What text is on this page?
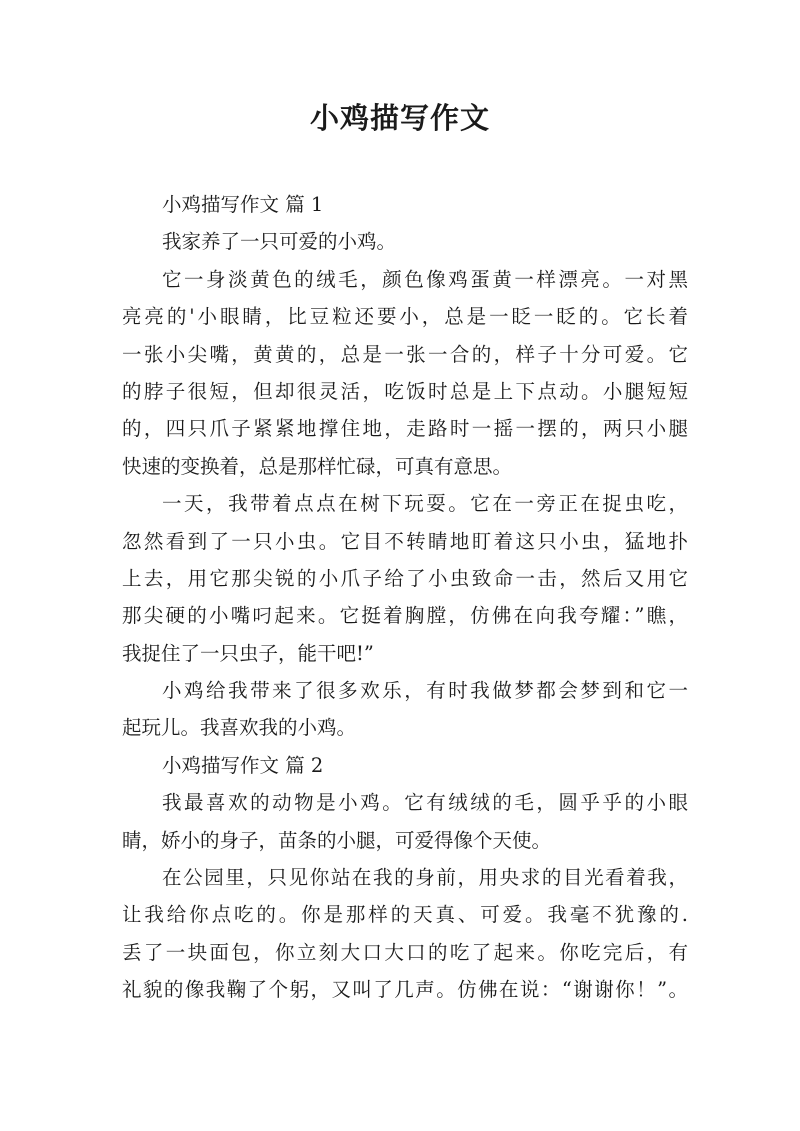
小鸡描写作文
小鸡描写作文 篇 1
我家养了一只可爱的小鸡。
它一身淡黄色的绒毛，颜色像鸡蛋黄一样漂亮。一对黑
亮亮的'小眼睛，比豆粒还要小，总是一眨一眨的。它长着
一张小尖嘴，黄黄的，总是一张一合的，样子十分可爱。它
的脖子很短，但却很灵活，吃饭时总是上下点动。小腿短短
的，四只爪子紧紧地撑住地，走路时一摇一摆的，两只小腿
快速的变换着，总是那样忙碌，可真有意思。
一天，我带着点点在树下玩耍。它在一旁正在捉虫吃，
忽然看到了一只小虫。它目不转睛地盯着这只小虫，猛地扑
上去，用它那尖锐的小爪子给了小虫致命一击，然后又用它
那尖硬的小嘴叼起来。它挺着胸膛，仿佛在向我夸耀：”瞧，
我捉住了一只虫子，能干吧!”
小鸡给我带来了很多欢乐，有时我做梦都会梦到和它一
起玩儿。我喜欢我的小鸡。
小鸡描写作文 篇 2
我最喜欢的动物是小鸡。它有绒绒的毛，圆乎乎的小眼
睛，娇小的身子，苗条的小腿，可爱得像个天使。
在公园里，只见你站在我的身前，用央求的目光看着我，
让我给你点吃的。你是那样的天真、可爱。我毫不犹豫的.
丢了一块面包，你立刻大口大口的吃了起来。你吃完后，有
礼貌的像我鞠了个躬，又叫了几声。仿佛在说：“谢谢你！”。
